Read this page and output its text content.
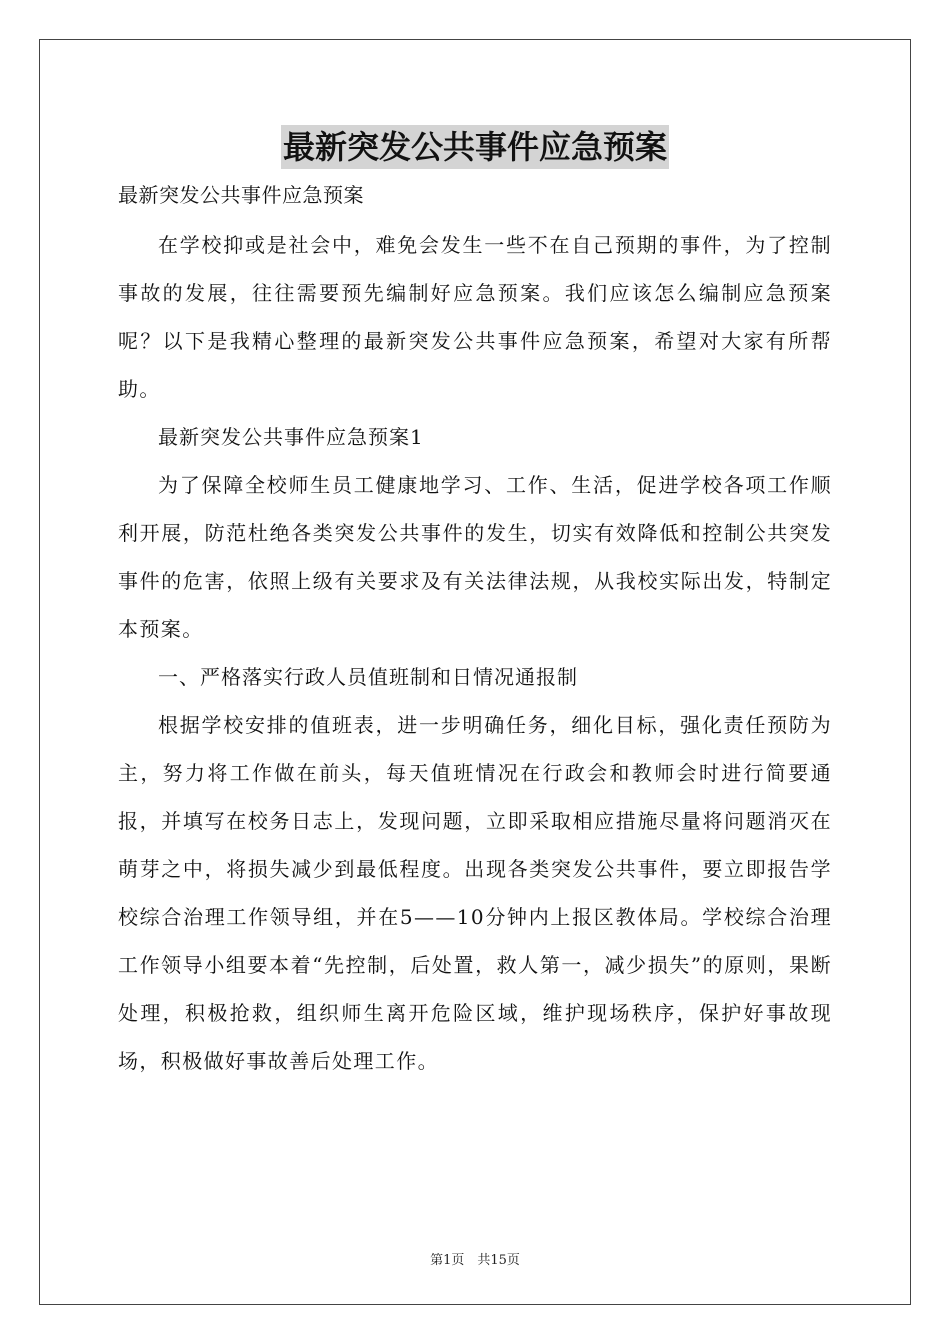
最新突发公共事件应急预案

最新突发公共事件应急预案

在学校抑或是社会中，难免会发生一些不在自己预期的事件，为了控制事故的发展，往往需要预先编制好应急预案。我们应该怎么编制应急预案呢？以下是我精心整理的最新突发公共事件应急预案，希望对大家有所帮助。

最新突发公共事件应急预案1

为了保障全校师生员工健康地学习、工作、生活，促进学校各项工作顺利开展，防范杜绝各类突发公共事件的发生，切实有效降低和控制公共突发事件的危害，依照上级有关要求及有关法律法规，从我校实际出发，特制定本预案。

一、严格落实行政人员值班制和日情况通报制

根据学校安排的值班表，进一步明确任务，细化目标，强化责任预防为主，努力将工作做在前头，每天值班情况在行政会和教师会时进行简要通报，并填写在校务日志上，发现问题，立即采取相应措施尽量将问题消灭在萌芽之中，将损失减少到最低程度。出现各类突发公共事件，要立即报告学校综合治理工作领导组，并在5——10分钟内上报区教体局。学校综合治理工作领导小组要本着“先控制，后处置，救人第一，减少损失”的原则，果断处理，积极抢救，组织师生离开危险区域，维护现场秩序，保护好事故现场，积极做好事故善后处理工作。

第1页　共15页
